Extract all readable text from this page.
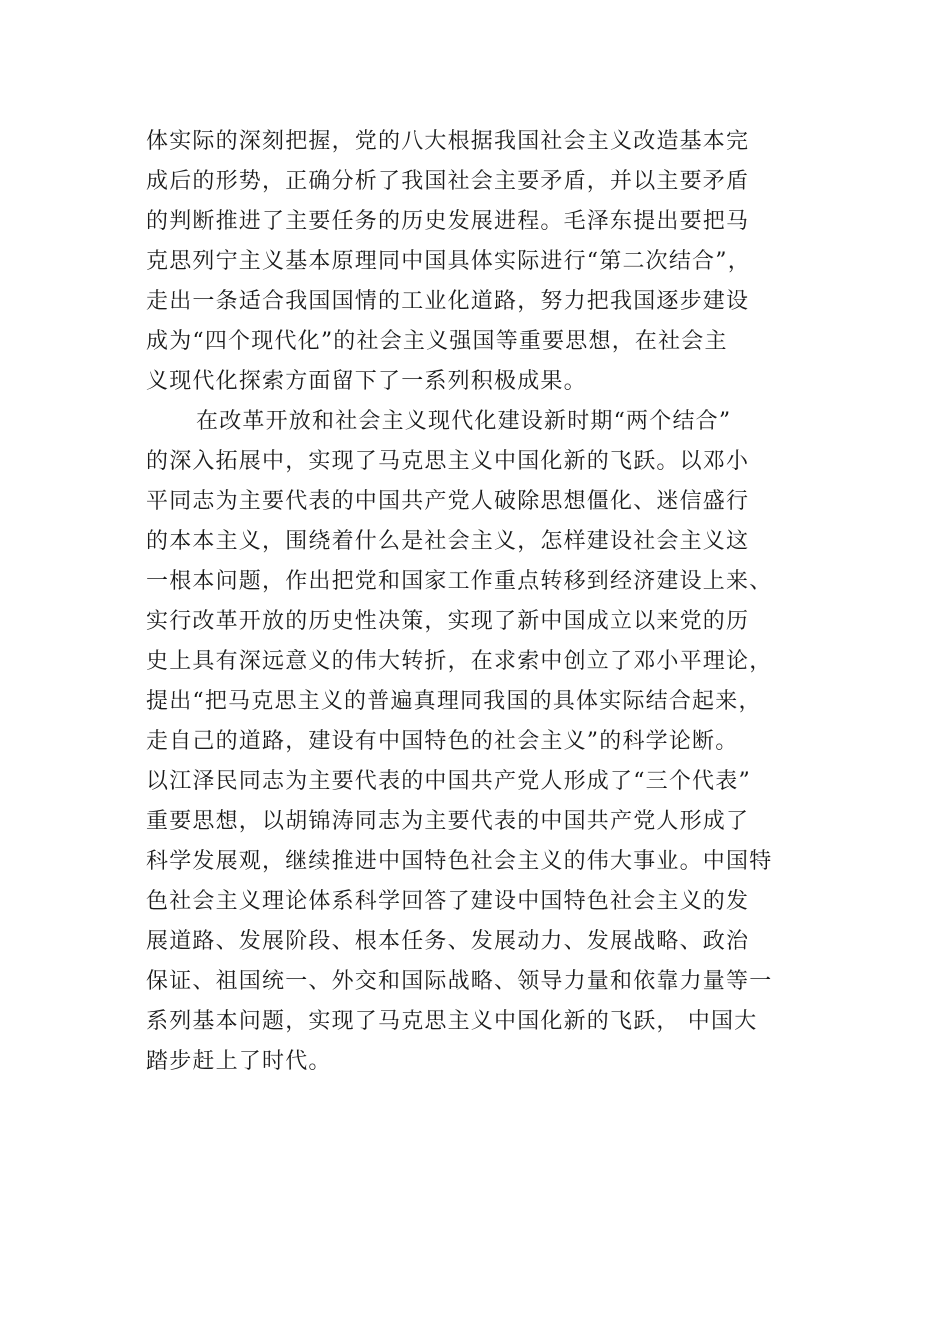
体实际的深刻把握，党的八大根据我国社会主义改造基本完
成后的形势，正确分析了我国社会主要矛盾，并以主要矛盾
的判断推进了主要任务的历史发展进程。毛泽东提出要把马
克思列宁主义基本原理同中国具体实际进行“第二次结合”，
走出一条适合我国国情的工业化道路，努力把我国逐步建设
成为“四个现代化”的社会主义强国等重要思想，在社会主
义现代化探索方面留下了一系列积极成果。
在改革开放和社会主义现代化建设新时期“两个结合”
的深入拓展中，实现了马克思主义中国化新的飞跃。以邓小
平同志为主要代表的中国共产党人破除思想僵化、迷信盛行
的本本主义，围绕着什么是社会主义，怎样建设社会主义这
一根本问题，作出把党和国家工作重点转移到经济建设上来、
实行改革开放的历史性决策，实现了新中国成立以来党的历
史上具有深远意义的伟大转折，在求索中创立了邓小平理论，
提出“把马克思主义的普遍真理同我国的具体实际结合起来，
走自己的道路，建设有中国特色的社会主义”的科学论断。
以江泽民同志为主要代表的中国共产党人形成了“三个代表”
重要思想，以胡锦涛同志为主要代表的中国共产党人形成了
科学发展观，继续推进中国特色社会主义的伟大事业。中国特
色社会主义理论体系科学回答了建设中国特色社会主义的发
展道路、发展阶段、根本任务、发展动力、发展战略、政治
保证、祖国统一、外交和国际战略、领导力量和依靠力量等一
系列基本问题，实现了马克思主义中国化新的飞跃， 中国大
踏步赶上了时代。
